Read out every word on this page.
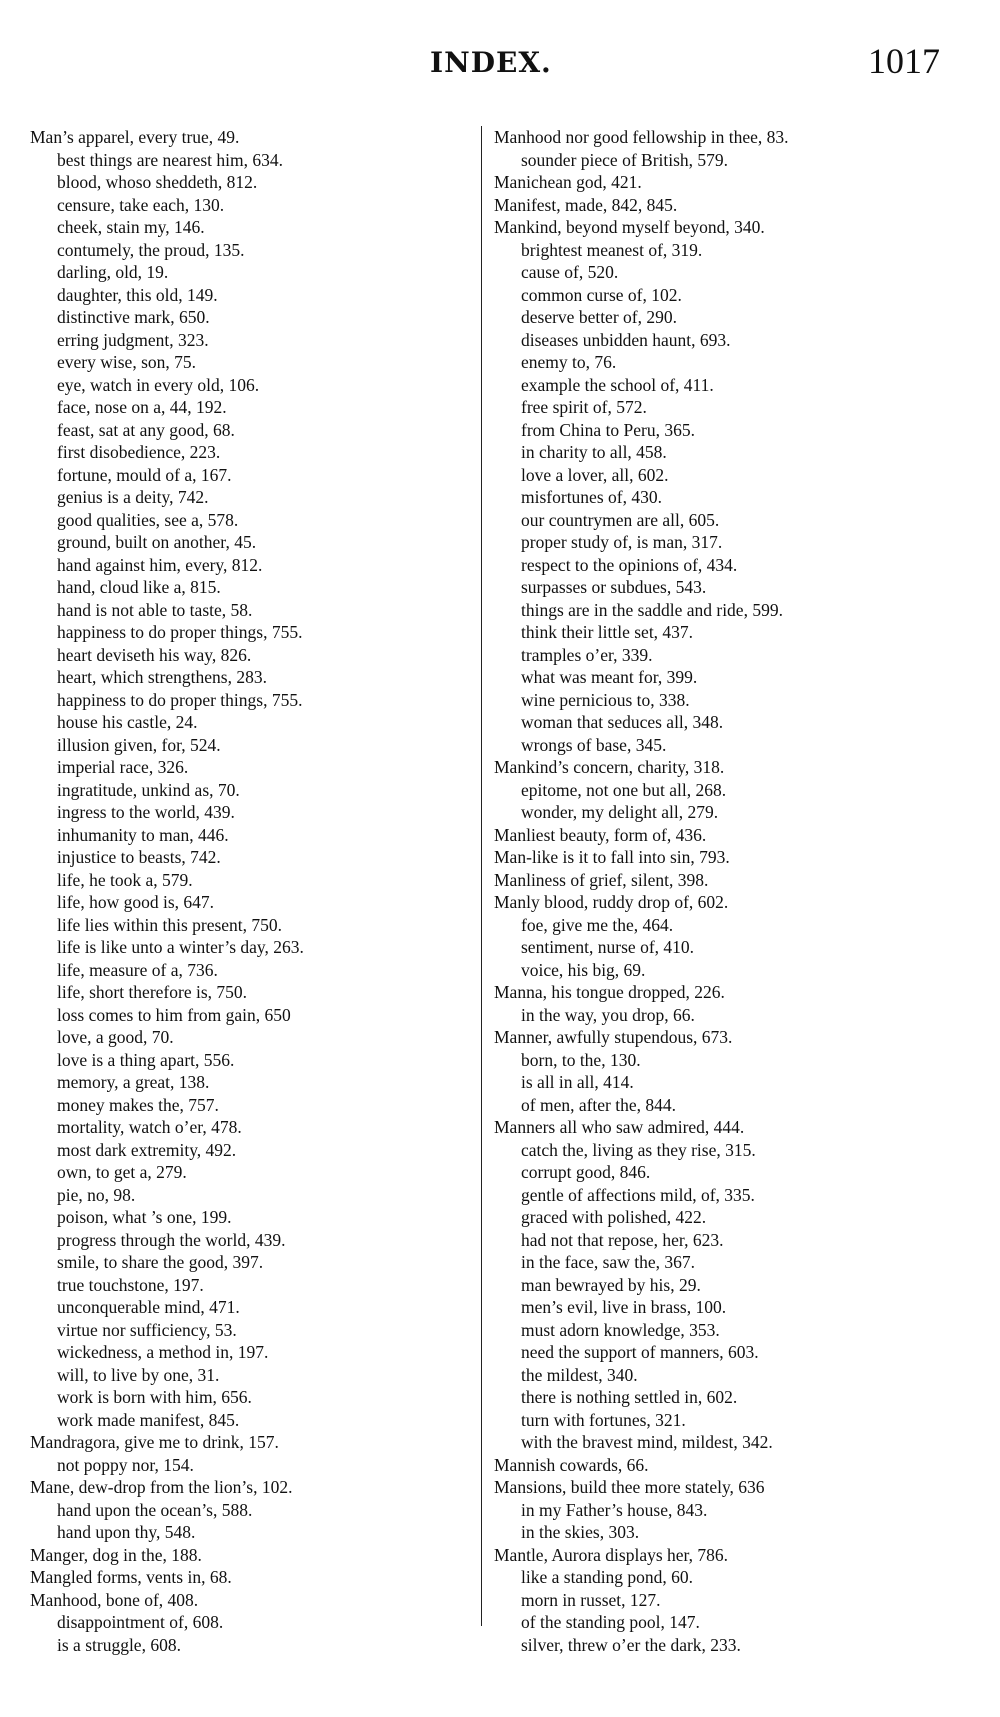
INDEX.	1017
Man’s apparel, every true, 49.
best things are nearest him, 634.
blood, whoso sheddeth, 812.
censure, take each, 130.
cheek, stain my, 146.
contumely, the proud, 135.
darling, old, 19.
daughter, this old, 149.
distinctive mark, 650.
erring judgment, 323.
every wise, son, 75.
eye, watch in every old, 106.
face, nose on a, 44, 192.
feast, sat at any good, 68.
first disobedience, 223.
fortune, mould of a, 167.
genius is a deity, 742.
good qualities, see a, 578.
ground, built on another, 45.
hand against him, every, 812.
hand, cloud like a, 815.
hand is not able to taste, 58.
happiness to do proper things, 755.
heart deviseth his way, 826.
heart, which strengthens, 283.
happiness to do proper things, 755.
house his castle, 24.
illusion given, for, 524.
imperial race, 326.
ingratitude, unkind as, 70.
ingress to the world, 439.
inhumanity to man, 446.
injustice to beasts, 742.
life, he took a, 579.
life, how good is, 647.
life lies within this present, 750.
life is like unto a winter’s day, 263.
life, measure of a, 736.
life, short therefore is, 750.
loss comes to him from gain, 650
love, a good, 70.
love is a thing apart, 556.
memory, a great, 138.
money makes the, 757.
mortality, watch o’er, 478.
most dark extremity, 492.
own, to get a, 279.
pie, no, 98.
poison, what ’s one, 199.
progress through the world, 439.
smile, to share the good, 397.
true touchstone, 197.
unconquerable mind, 471.
virtue nor sufficiency, 53.
wickedness, a method in, 197.
will, to live by one, 31.
work is born with him, 656.
work made manifest, 845.
Mandragora, give me to drink, 157.
not poppy nor, 154.
Mane, dew-drop from the lion’s, 102.
hand upon the ocean’s, 588.
hand upon thy, 548.
Manger, dog in the, 188.
Mangled forms, vents in, 68.
Manhood, bone of, 408.
disappointment of, 608.
is a struggle, 608.
Manhood nor good fellowship in thee, 83.
sounder piece of British, 579.
Manichean god, 421.
Manifest, made, 842, 845.
Mankind, beyond myself beyond, 340.
brightest meanest of, 319.
cause of, 520.
common curse of, 102.
deserve better of, 290.
diseases unbidden haunt, 693.
enemy to, 76.
example the school of, 411.
free spirit of, 572.
from China to Peru, 365.
in charity to all, 458.
love a lover, all, 602.
misfortunes of, 430.
our countrymen are all, 605.
proper study of, is man, 317.
respect to the opinions of, 434.
surpasses or subdues, 543.
things are in the saddle and ride, 599.
think their little set, 437.
tramples o’er, 339.
what was meant for, 399.
wine pernicious to, 338.
woman that seduces all, 348.
wrongs of base, 345.
Mankind’s concern, charity, 318.
epitome, not one but all, 268.
wonder, my delight all, 279.
Manliest beauty, form of, 436.
Man-like is it to fall into sin, 793.
Manliness of grief, silent, 398.
Manly blood, ruddy drop of, 602.
foe, give me the, 464.
sentiment, nurse of, 410.
voice, his big, 69.
Manna, his tongue dropped, 226.
in the way, you drop, 66.
Manner, awfully stupendous, 673.
born, to the, 130.
is all in all, 414.
of men, after the, 844.
Manners all who saw admired, 444.
catch the, living as they rise, 315.
corrupt good, 846.
gentle of affections mild, of, 335.
graced with polished, 422.
had not that repose, her, 623.
in the face, saw the, 367.
man bewrayed by his, 29.
men’s evil, live in brass, 100.
must adorn knowledge, 353.
need the support of manners, 603.
the mildest, 340.
there is nothing settled in, 602.
turn with fortunes, 321.
with the bravest mind, mildest, 342.
Mannish cowards, 66.
Mansions, build thee more stately, 636
in my Father’s house, 843.
in the skies, 303.
Mantle, Aurora displays her, 786.
like a standing pond, 60.
morn in russet, 127.
of the standing pool, 147.
silver, threw o’er the dark, 233.
